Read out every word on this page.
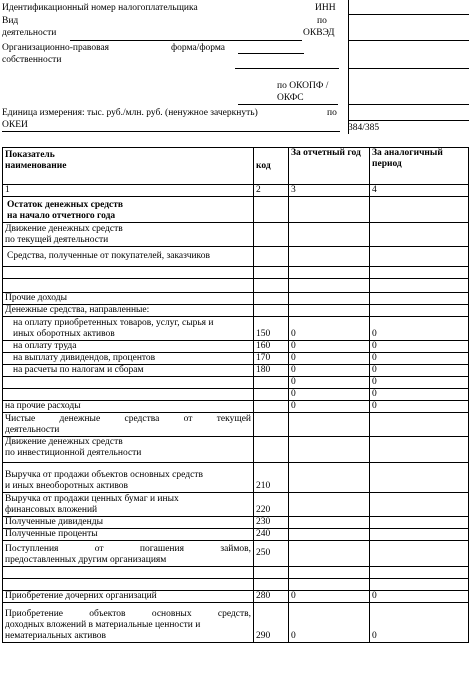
Идентификационный номер налогоплательщика	ИНН
Вид	по
деятельности	ОКВЭД
Организационно-правовая	форма/форма
собственности
по ОКОПФ /
ОКФС
Единица измерения: тыс. руб./млн. руб. (ненужное зачеркнуть)	по
ОКЕИ	384/385
Показатель		За отчетный год	За аналогичный период
наименование	код		
1	2	3	4
Остаток денежных средств
на начало отчетного года			
Движение денежных средств
по текущей деятельности			
Средства, полученные от покупателей, заказчиков			

Прочие доходы			
Денежные средства, направленные:			
на оплату приобретенных товаров, услуг, сырья и
иных оборотных активов	150	0	0
на оплату труда	160	0	0
на выплату дивидендов, процентов	170	0	0
на расчеты по налогам и сборам	180	0	0
		0	0
		0	0
на прочие расходы		0	0

Чистые денежные средства от текущей
деятельности			

Движение денежных средств
по инвестиционной деятельности			
Выручка от продажи объектов основных средств
и иных внеоборотных активов	210		
Выручка от продажи ценных бумаг и иных
финансовых вложений	220		
Полученные дивиденды	230		
Полученные проценты	240		

Поступления от погашения займов,
предоставленных другим организациям	250		

Приобретение дочерних организаций	280	0	0

Приобретение объектов основных средств,
доходных вложений в материальные ценности и
нематериальных активов	290	0	0
